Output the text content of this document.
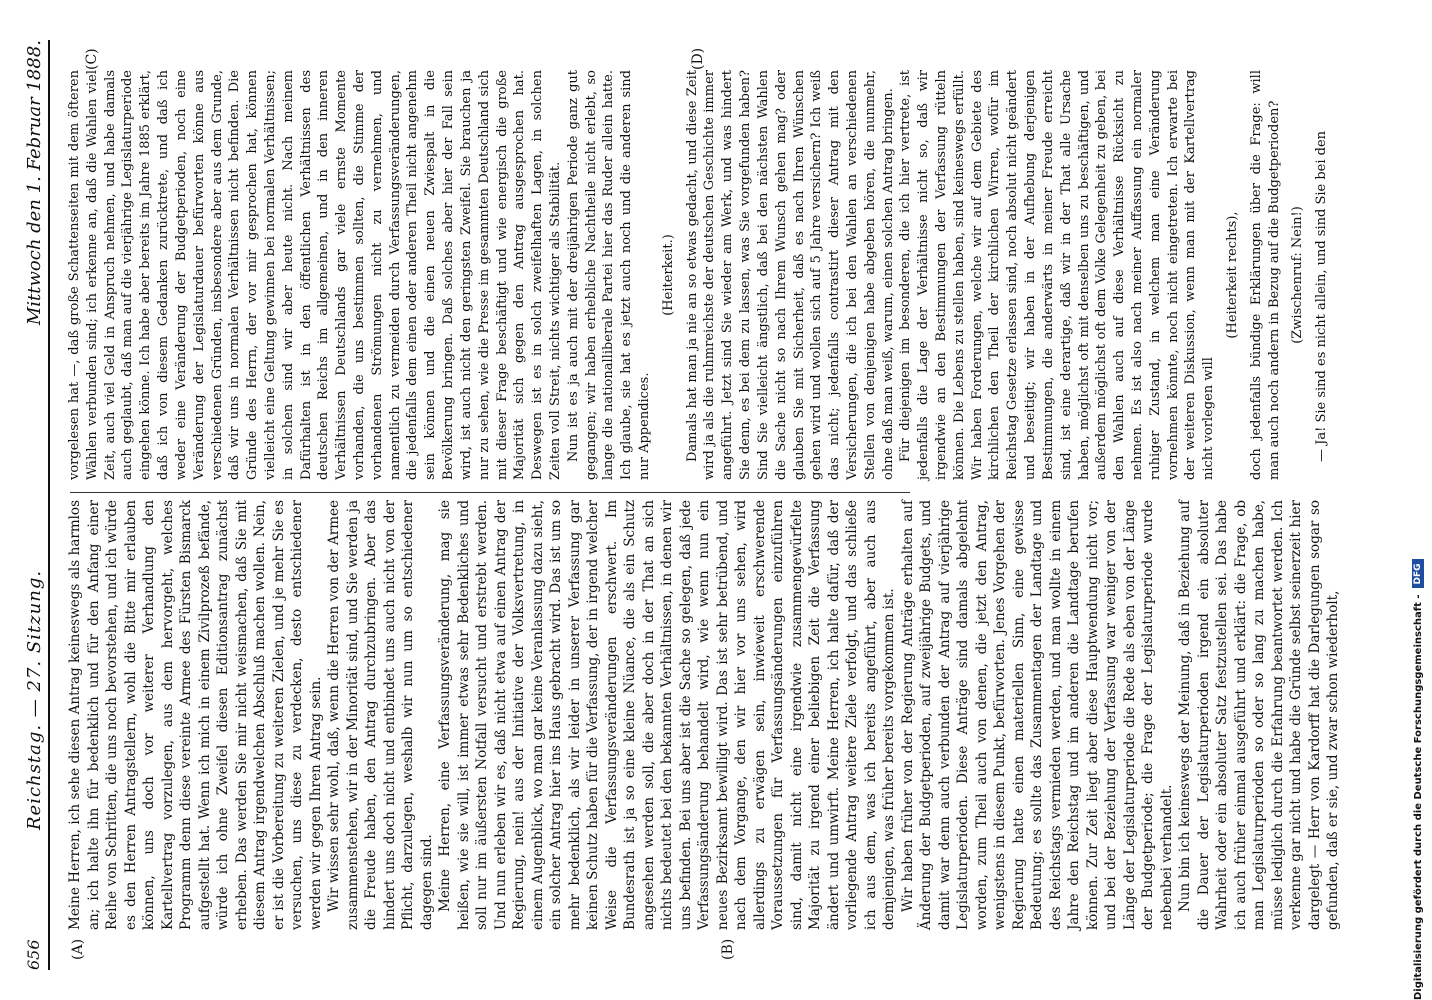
656
Reichstag. — 27. Sitzung.
Mittwoch den 1. Februar 1888.
(A)	(B)
(C)	(D)

Meine Herren, ich sehe diesen Antrag keineswegs als harmlos an; ich halte ihn für bedenklich und für den Anfang einer Reihe von Schritten, die uns noch bevorstehen, und ich würde es den Herren Antragstellern, wohl die Bitte mir erlauben können, uns doch vor weiterer Verhandlung den Kartellvertrag vorzulegen, aus dem hervorgeht, welches Programm denn diese vereinte Armee des Fürsten Bismarck aufgestellt hat. Wenn ich mich in einem Zivilprozeß befände, würde ich ohne Zweifel diesen Editionsantrag zunächst erheben. Das werden Sie mir nicht weismachen, daß Sie mit diesem Antrag irgendwelchen Abschluß machen wollen. Nein, er ist die Vorbereitung zu weiteren Zielen, und je mehr Sie es versuchen, uns diese zu verdecken, desto entschiedener werden wir gegen Ihren Antrag sein. Wir wissen sehr wohl, daß, wenn die Herren von der Armee zusammenstehen, wir in der Minorität sind, und Sie werden ja die Freude haben, den Antrag durchzubringen. Aber das hindert uns doch nicht und entbindet uns auch nicht von der Pflicht, darzulegen, weshalb wir nun um so entschiedener dagegen sind. Meine Herren, eine Verfassungsveränderung, mag sie heißen, wie sie will, ist immer etwas sehr Bedenkliches und soll nur im äußersten Notfall versucht und erstrebt werden. Und nun erleben wir es, daß nicht etwa auf einen Antrag der Regierung, nein! aus der Initiative der Volksvertretung, in einem Augenblick, wo man gar keine Veranlassung dazu sieht, ein solcher Antrag hier ins Haus gebracht wird. Das ist um so mehr bedenklich, als wir leider in unserer Verfassung gar keinen Schutz haben für die Verfassung, der in irgend welcher Weise die Verfassungsveränderungen erschwert. Im Bundesrath ist ja so eine kleine Nüance, die als ein Schutz angesehen werden soll, die aber doch in der That an sich nichts bedeutet bei den bekannten Verhältnissen, in denen wir uns befinden. Bei uns aber ist die Sache so gelegen, daß jede Verfassungsänderung behandelt wird, wie wenn nun ein neues Bezirksamt bewilligt wird. Das ist sehr betrübend, und nach dem Vorgange, den wir hier vor uns sehen, wird allerdings zu erwägen sein, inwieweit erschwerende Voraussetzungen für Verfassungsänderungen einzuführen sind, damit nicht eine irgendwie zusammengewürfelte Majorität zu irgend einer beliebigen Zeit die Verfassung ändert und umwirft. Meine Herren, ich halte dafür, daß der vorliegende Antrag weitere Ziele verfolgt, und das schließe ich aus dem, was ich bereits angeführt, aber auch aus demjenigen, was früher bereits vorgekommen ist. Wir haben früher von der Regierung Anträge erhalten auf Änderung der Budgetperioden, auf zweijährige Budgets, und damit war denn auch verbunden der Antrag auf vierjährige Legislaturperioden. Diese Anträge sind damals abgelehnt worden, zum Theil auch von denen, die jetzt den Antrag, wenigstens in diesem Punkt, befürworten. Jenes Vorgehen der Regierung hatte einen materiellen Sinn, eine gewisse Bedeutung; es sollte das Zusammentagen der Landtage und des Reichstags vermieden werden, und man wollte in einem Jahre den Reichstag und im anderen die Landtage berufen können. Zur Zeit liegt aber diese Hauptwendung nicht vor; und bei der Beziehung der Verfassung war weniger von der Länge der Legislaturperiode die Rede als eben von der Länge der Budgetperiode; die Frage der Legislaturperiode wurde nebenbei verhandelt. Nun bin ich keineswegs der Meinung, daß in Beziehung auf die Dauer der Legislaturperioden irgend ein absoluter Wahrheit oder ein absoluter Satz festzustellen sei. Das habe ich auch früher einmal ausgeführt und erklärt: die Frage, ob man Legislaturperioden so oder so lang zu machen habe, müsse lediglich durch die Erfahrung beantwortet werden. Ich verkenne gar nicht und habe die Gründe selbst seinerzeit hier dargelegt — Herr von Kardorff hat die Darlegungen sogar so gefunden, daß er sie, und zwar schon wiederholt,

vorgelesen hat —, daß große Schattenseiten mit dem öfteren Wählen verbunden sind; ich erkenne an, daß die Wahlen viel Zeit, auch viel Geld in Anspruch nehmen, und habe damals auch geglaubt, daß man auf die vierjährige Legislaturperiode eingehen könne. Ich habe aber bereits im Jahre 1885 erklärt, daß ich von diesem Gedanken zurücktrete, und daß ich weder eine Veränderung der Budgetperioden, noch eine Veränderung der Legislaturdauer befürworten könne aus verschiedenen Gründen, insbesondere aber aus dem Grunde, daß wir uns in normalen Verhältnissen nicht befinden. Die Gründe des Herrn, der vor mir gesprochen hat, können vielleicht eine Geltung gewinnen bei normalen Verhältnissen; in solchen sind wir aber heute nicht. Nach meinem Dafürhalten ist in den öffentlichen Verhältnissen des deutschen Reichs im allgemeinen, und in den inneren Verhältnissen Deutschlands gar viele ernste Momente vorhanden, die uns bestimmen sollten, die Stimme der vorhandenen Strömungen nicht zu vernehmen, und namentlich zu vermeiden durch Verfassungsveränderungen, die jedenfalls dem einen oder anderen Theil nicht angenehm sein können und die einen neuen Zwiespalt in die Bevölkerung bringen. Daß solches aber hier der Fall sein wird, ist auch nicht den geringsten Zweifel. Sie brauchen ja nur zu sehen, wie die Presse im gesammten Deutschland sich mit dieser Frage beschäftigt und wie energisch die große Majorität sich gegen den Antrag ausgesprochen hat. Deswegen ist es in solch zweifelhaften Lagen, in solchen Zeiten voll Streit, nichts wichtiger als Stabilität. Nun ist es ja auch mit der dreijährigen Periode ganz gut gegangen; wir haben erhebliche Nachtheile nicht erlebt, so lange die nationalliberale Partei hier das Ruder allein hatte. Ich glaube, sie hat es jetzt auch noch und die anderen sind nur Appendices.

(Heiterkeit.) Damals hat man ja nie an so etwas gedacht, und diese Zeit wird ja als die ruhmreichste der deutschen Geschichte immer angeführt. Jetzt sind Sie wieder am Werk, und was hindert Sie denn, es bei dem zu lassen, was Sie vorgefunden haben? Sind Sie vielleicht ängstlich, daß bei den nächsten Wahlen die Sache nicht so nach Ihrem Wunsch gehen mag? oder glauben Sie mit Sicherheit, daß es nach Ihren Wünschen gehen wird und wollen sich auf 5 Jahre versichern? Ich weiß das nicht; jedenfalls contrastirt dieser Antrag mit den Versicherungen, die ich bei den Wahlen an verschiedenen Stellen von denjenigen habe abgeben hören, die nunmehr, ohne daß man weiß, warum, einen solchen Antrag bringen. Für diejenigen im besonderen, die ich hier vertrete, ist jedenfalls die Lage der Verhältnisse nicht so, daß wir irgendwie an den Bestimmungen der Verfassung rütteln können. Die Lebens zu stellen haben, sind keineswegs erfüllt. Wir haben Forderungen, welche wir auf dem Gebiete des kirchlichen den Theil der kirchlichen Wirren, wofür im Reichstag Gesetze erlassen sind, noch absolut nicht geändert und beseitigt; wir haben in der Aufhebung derjenigen Bestimmungen, die anderwärts in meiner Freude erreicht sind, ist eine derartige, daß wir in der That alle Ursache haben, möglichst oft mit denselben uns zu beschäftigen, und außerdem möglichst oft dem Volke Gelegenheit zu geben, bei den Wahlen auch auf diese Verhältnisse Rücksicht zu nehmen. Es ist also nach meiner Auffassung ein normaler ruhiger Zustand, in welchem man eine Veränderung vornehmen könnte, noch nicht eingetreten. Ich erwarte bei der weiteren Diskussion, wenn man mit der Kartellvertrag nicht vorlegen will

(Heiterkeit rechts), doch jedenfalls bündige Erklärungen über die Frage: will man auch noch andern in Bezug auf die Budgetperioden? (Zwischenruf: Nein!) — Ja! Sie sind es nicht allein, und sind Sie bei den

Digitalisierung gefördert durch die Deutsche Forschungsgemeinschaft -
DFG
